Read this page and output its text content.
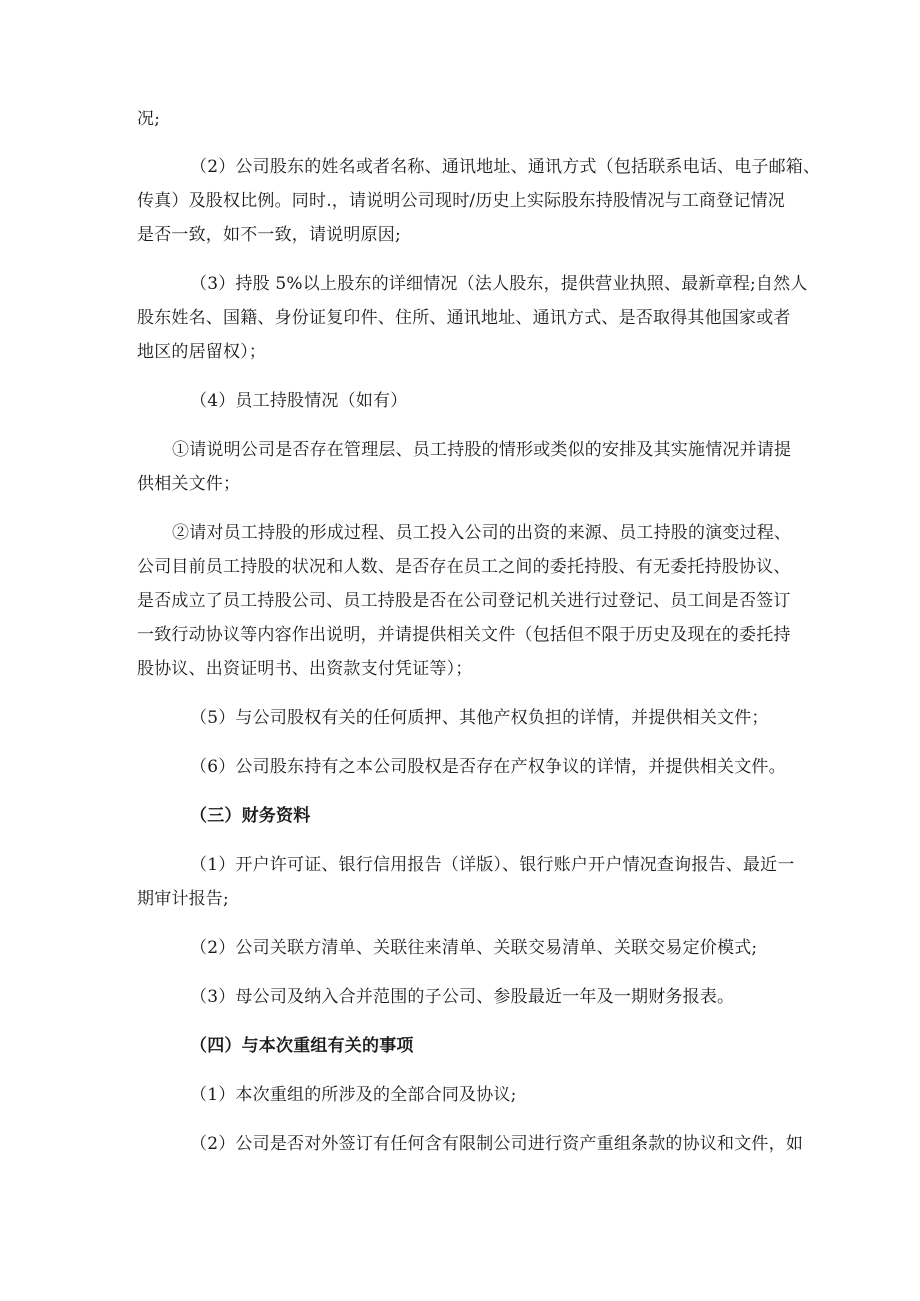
况;

（2）公司股东的姓名或者名称、通讯地址、通讯方式（包括联系电话、电子邮箱、

传真）及股权比例。同时.，请说明公司现时/历史上实际股东持股情况与工商登记情况

是否一致，如不一致，请说明原因;

（3）持股 5%以上股东的详细情况（法人股东，提供营业执照、最新章程;自然人

股东姓名、国籍、身份证复印件、住所、通讯地址、通讯方式、是否取得其他国家或者

地区的居留权）；

（4）员工持股情况（如有）

①请说明公司是否存在管理层、员工持股的情形或类似的安排及其实施情况并请提

供相关文件；

②请对员工持股的形成过程、员工投入公司的出资的来源、员工持股的演变过程、

公司目前员工持股的状况和人数、是否存在员工之间的委托持股、有无委托持股协议、

是否成立了员工持股公司、员工持股是否在公司登记机关进行过登记、员工间是否签订

一致行动协议等内容作出说明，并请提供相关文件（包括但不限于历史及现在的委托持

股协议、出资证明书、出资款支付凭证等）；

（5）与公司股权有关的任何质押、其他产权负担的详情，并提供相关文件；

（6）公司股东持有之本公司股权是否存在产权争议的详情，并提供相关文件。

（三）财务资料

（1）开户许可证、银行信用报告（详版）、银行账户开户情况查询报告、最近一

期审计报告;

（2）公司关联方清单、关联往来清单、关联交易清单、关联交易定价模式;

（3）母公司及纳入合并范围的子公司、参股最近一年及一期财务报表。

（四）与本次重组有关的事项

（1）本次重组的所涉及的全部合同及协议;

（2）公司是否对外签订有任何含有限制公司进行资产重组条款的协议和文件，如
